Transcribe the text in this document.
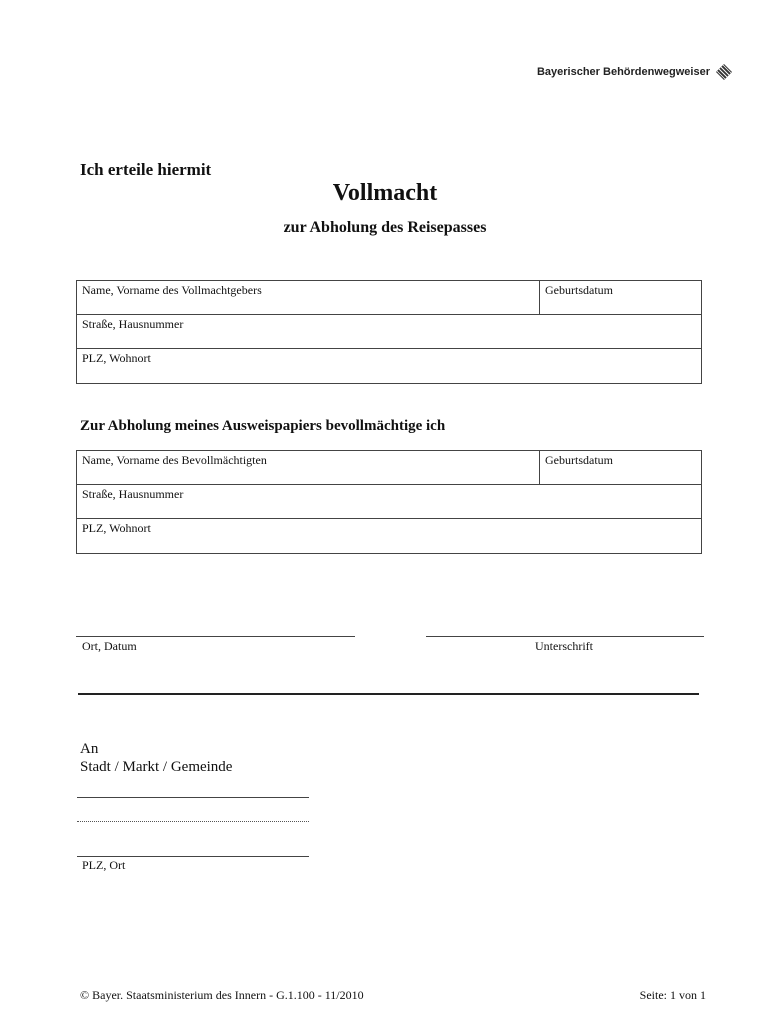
Bayerischer Behördenwegweiser
Ich erteile hiermit
Vollmacht
zur Abholung des Reisepasses
Name, Vorname des Vollmachtgebers	Geburtsdatum
Straße, Hausnummer
PLZ, Wohnort
Zur Abholung meines Ausweispapiers bevollmächtige ich
Name, Vorname des Bevollmächtigten	Geburtsdatum
Straße, Hausnummer
PLZ, Wohnort
Ort, Datum	Unterschrift
An
Stadt / Markt / Gemeinde
PLZ, Ort
© Bayer. Staatsministerium des Innern - G.1.100 - 11/2010	Seite: 1 von 1
